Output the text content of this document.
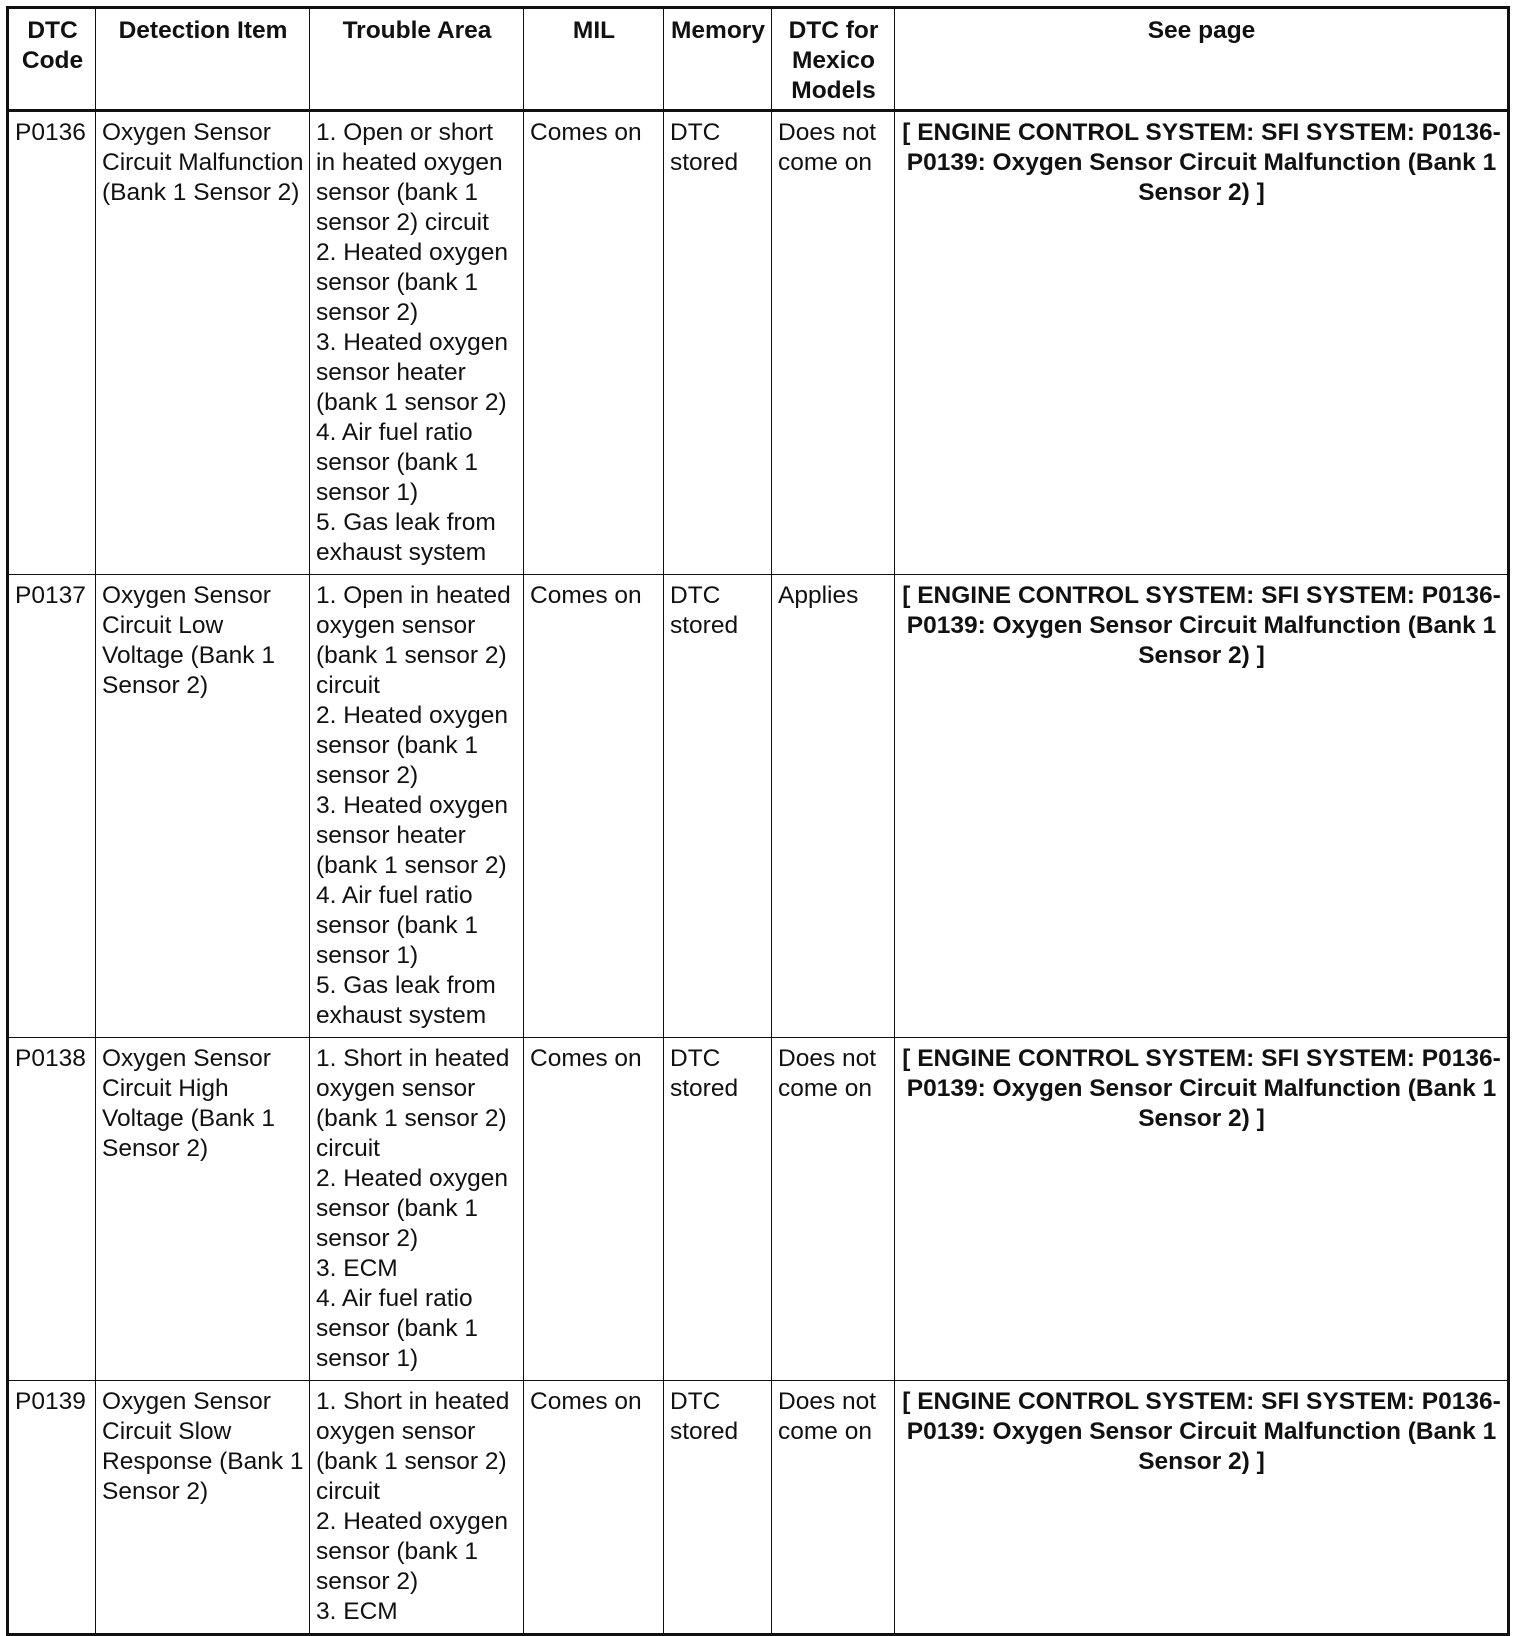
DTC Code	Detection Item	Trouble Area	MIL	Memory	DTC for Mexico Models	See page
P0136	Oxygen Sensor Circuit Malfunction (Bank 1 Sensor 2)	1. Open or short in heated oxygen sensor (bank 1 sensor 2) circuit
2. Heated oxygen sensor (bank 1 sensor 2)
3. Heated oxygen sensor heater (bank 1 sensor 2)
4. Air fuel ratio sensor (bank 1 sensor 1)
5. Gas leak from exhaust system	Comes on	DTC stored	Does not come on	[ ENGINE CONTROL SYSTEM: SFI SYSTEM: P0136-P0139: Oxygen Sensor Circuit Malfunction (Bank 1 Sensor 2) ]
P0137	Oxygen Sensor Circuit Low Voltage (Bank 1 Sensor 2)	1. Open in heated oxygen sensor (bank 1 sensor 2) circuit
2. Heated oxygen sensor (bank 1 sensor 2)
3. Heated oxygen sensor heater (bank 1 sensor 2)
4. Air fuel ratio sensor (bank 1 sensor 1)
5. Gas leak from exhaust system	Comes on	DTC stored	Applies	[ ENGINE CONTROL SYSTEM: SFI SYSTEM: P0136-P0139: Oxygen Sensor Circuit Malfunction (Bank 1 Sensor 2) ]
P0138	Oxygen Sensor Circuit High Voltage (Bank 1 Sensor 2)	1. Short in heated oxygen sensor (bank 1 sensor 2) circuit
2. Heated oxygen sensor (bank 1 sensor 2)
3. ECM
4. Air fuel ratio sensor (bank 1 sensor 1)	Comes on	DTC stored	Does not come on	[ ENGINE CONTROL SYSTEM: SFI SYSTEM: P0136-P0139: Oxygen Sensor Circuit Malfunction (Bank 1 Sensor 2) ]
P0139	Oxygen Sensor Circuit Slow Response (Bank 1 Sensor 2)	1. Short in heated oxygen sensor (bank 1 sensor 2) circuit
2. Heated oxygen sensor (bank 1 sensor 2)
3. ECM	Comes on	DTC stored	Does not come on	[ ENGINE CONTROL SYSTEM: SFI SYSTEM: P0136-P0139: Oxygen Sensor Circuit Malfunction (Bank 1 Sensor 2) ]
